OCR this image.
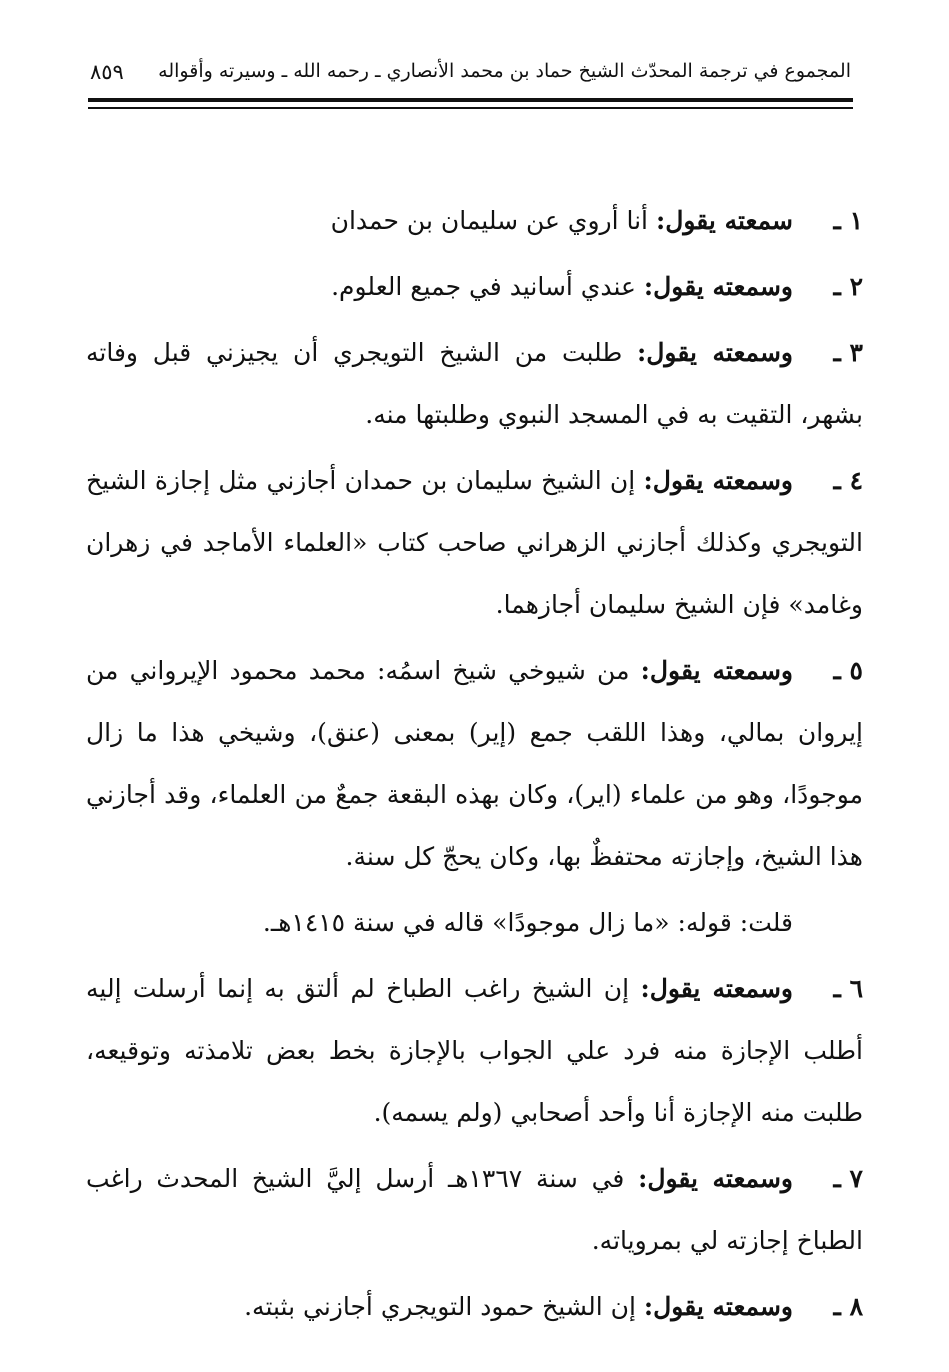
المجموع في ترجمة المحدّث الشيخ حماد بن محمد الأنصاري ـ رحمه الله ـ وسيرته وأقواله
٨٥٩

١ ـسمعته يقول: أنا أروي عن سليمان بن حمدان

٢ ـوسمعته يقول: عندي أسانيد في جميع العلوم.

٣ ـوسمعته يقول: طلبت من الشيخ التويجري أن يجيزني قبل وفاته بشهر، التقيت به في المسجد النبوي وطلبتها منه.

٤ ـوسمعته يقول: إن الشيخ سليمان بن حمدان أجازني مثل إجازة الشيخ التويجري وكذلك أجازني الزهراني صاحب كتاب «العلماء الأماجد في زهران وغامد» فإن الشيخ سليمان أجازهما.

٥ ـوسمعته يقول: من شيوخي شيخ اسمُه: محمد محمود الإيرواني من إيروان بمالي، وهذا اللقب جمع (إير) بمعنى (عنق)، وشيخي هذا ما زال موجودًا، وهو من علماء (اير)، وكان بهذه البقعة جمعٌ من العلماء، وقد أجازني هذا الشيخ، وإجازته محتفظٌ بها، وكان يحجّ كل سنة.

قلت: قوله: «ما زال موجودًا» قاله في سنة ١٤١٥هـ.

٦ ـوسمعته يقول: إن الشيخ راغب الطباخ لم ألتق به إنما أرسلت إليه أطلب الإجازة منه فرد علي الجواب بالإجازة بخط بعض تلامذته وتوقيعه، طلبت منه الإجازة أنا وأحد أصحابي (ولم يسمه).

٧ ـوسمعته يقول: في سنة ١٣٦٧هـ أرسل إليَّ الشيخ المحدث راغب الطباخ إجازته لي بمروياته.

٨ ـوسمعته يقول: إن الشيخ حمود التويجري أجازني بثبته.
